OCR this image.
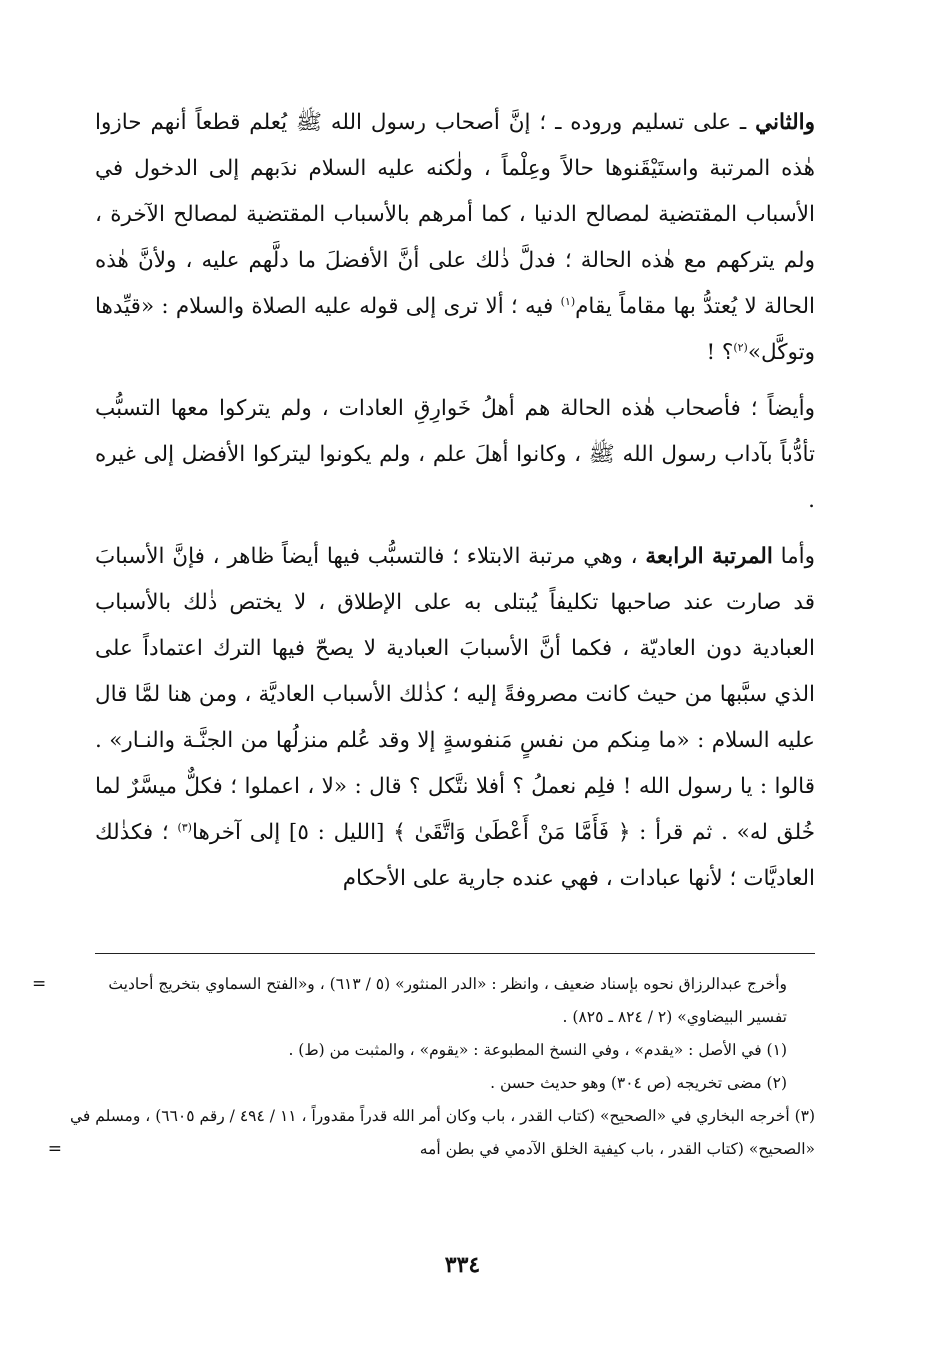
والثاني ـ على تسليم وروده ـ ؛ إنَّ أصحاب رسول الله ﷺ يُعلم قطعاً أنهم حازوا هٰذه المرتبة واستَيْقَنوها حالاً وعِلْماً ، ولٰكنه عليه السلام ندَبهم إلى الدخول في الأسباب المقتضية لمصالح الدنيا ، كما أمرهم بالأسباب المقتضية لمصالح الآخرة ، ولم يتركهم مع هٰذه الحالة ؛ فدلَّ ذٰلك على أنَّ الأفضلَ ما دلَّهم عليه ، ولأنَّ هٰذه الحالة لا يُعتدُّ بها مقاماً يقام$^{(١)}$ فيه ؛ ألا ترى إلى قوله عليه الصلاة والسلام : «قيِّدها وتوكَّل»$^{(٢)}$؟ !

وأيضاً ؛ فأصحاب هٰذه الحالة هم أهلُ خَوارِقِ العادات ، ولم يتركوا معها التسبُّب تأدُّباً بآداب رسول الله ﷺ ، وكانوا أهلَ علم ، ولم يكونوا ليتركوا الأفضل إلى غيره .

وأما المرتبة الرابعة ، وهي مرتبة الابتلاء ؛ فالتسبُّب فيها أيضاً ظاهر ، فإنَّ الأسبابَ قد صارت عند صاحبها تكليفاً يُبتلى به على الإطلاق ، لا يختص ذٰلك بالأسباب العبادية دون العاديّة ، فكما أنَّ الأسبابَ العبادية لا يصحّ فيها الترك اعتماداً على الذي سبَّبها من حيث كانت مصروفةً إليه ؛ كذٰلك الأسباب العاديَّة ، ومن هنا لمَّا قال عليه السلام : «ما مِنكم من نفسٍ مَنفوسةٍ إلا وقد عُلم منزلُها من الجنَّـة والنـار» . قالوا : يا رسول الله ! فلِم نعملُ ؟ أفلا نتَّكل ؟ قال : «لا ، اعملوا ؛ فكلٌّ ميسَّرٌ لما خُلق له» . ثم قرأ : ﴿ فَأَمَّا مَنْ أَعْطَىٰ وَاتَّقَىٰ ﴾ [الليل : ٥] إلى آخرها$^{(٣)}$ ؛ فكذٰلك العاديَّات ؛ لأنها عبادات ، فهي عنده جارية على الأحكام

=	وأخرج عبدالرزاق نحوه بإسناد ضعيف ، وانظر : «الدر المنثور» (٥ / ٦١٣) ، و«الفتح السماوي بتخريج أحاديث تفسير البيضاوي» (٢ / ٨٢٤ ـ ٨٢٥) .

(١) في الأصل : «يقدم» ، وفي النسخ المطبوعة : «يقوم» ، والمثبت من (ط) .

(٢) مضى تخريجه (ص ٣٠٤) وهو حديث حسن .

(٣) أخرجه البخاري في «الصحيح» (كتاب القدر ، باب وكان أمر الله قدراً مقدوراً ، ١١ / ٤٩٤ / رقم ٦٦٠٥) ، ومسلم في «الصحيح» (كتاب القدر ، باب كيفية الخلق الآدمي في بطن أمه
=

٣٣٤
